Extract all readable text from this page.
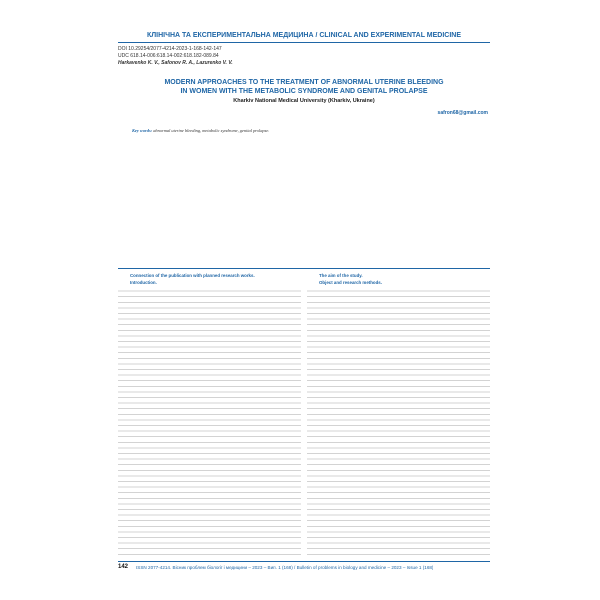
КЛІНІЧНА ТА ЕКСПЕРИМЕНТАЛЬНА МЕДИЦИНА / CLINICAL AND EXPERIMENTAL MEDICINE
DOI 10.29254/2077-4214-2023-1-168-142-147
UDC 618.14-006:618.14-002:618.182-089.84
Harkavenko K. V., Safonov R. A., Lazurenko V. V.
MODERN APPROACHES TO THE TREATMENT OF ABNORMAL UTERINE BLEEDING
IN WOMEN WITH THE METABOLIC SYNDROME AND GENITAL PROLAPSE
Kharkiv National Medical University (Kharkiv, Ukraine)
safron68@gmail.com

Key words: abnormal uterine bleeding, metabolic syndrome, genital prolapse.

Connection of the publication with planned research works.

Introduction.

The aim of the study.

Object and research methods.

142 ISSN 2077-4214. Вісник проблем біології і медицини – 2023 – Вип. 1 (168) / Bulletin of problems in biology and medicine – 2023 – Issue 1 (168)
